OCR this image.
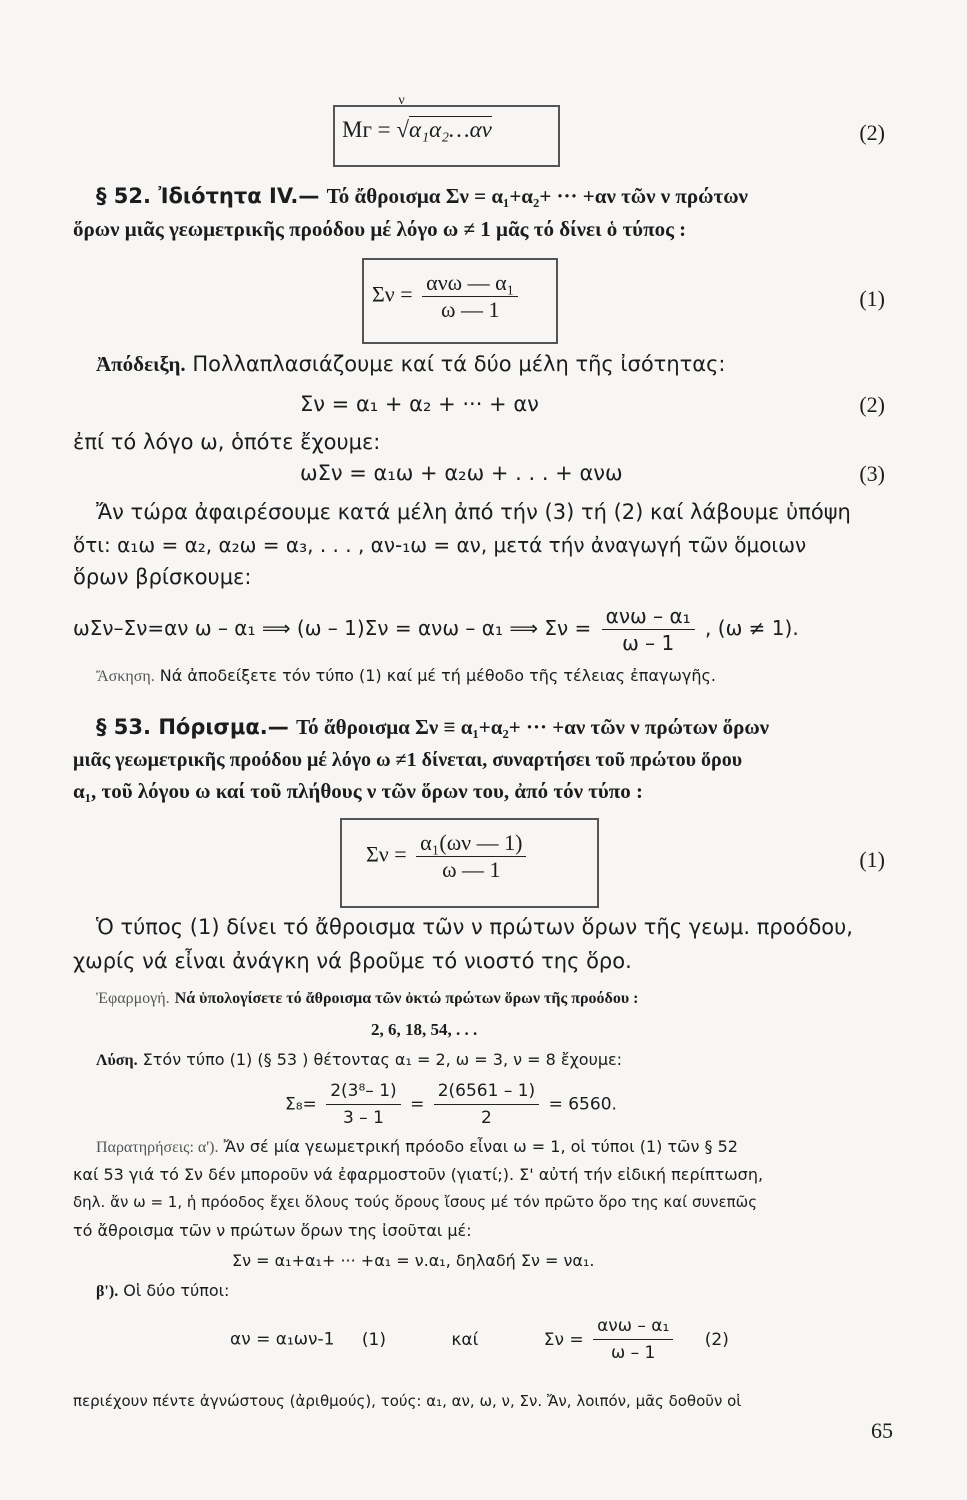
Mг =
ν
√α₁α₂…αν	(2)
§ 52. Ἰδιότητα IV.— Τό ἄθροισμα Σν = α₁+α₂+ ··· +αν τῶν ν πρώτων
ὅρων μιᾶς γεωμετρικῆς προόδου μέ λόγο ω ≠ 1 μᾶς τό δίνει ὁ τύπος :
$\Sigma\nu = \frac{\text{ανω — α₁}}{\omega — 1}$	(1)
Ἀπόδειξη. Πολλαπλασιάζουμε καί τά δύο μέλη τῆς ἰσότητας:
Σν = α₁ + α₂ + ··· + αν	(2)
ἐπί τό λόγο ω, ὁπότε ἔχουμε:
ωΣν = α₁ω + α₂ω + . . . + ανω	(3)
Ἄν τώρα ἀφαιρέσουμε κατά μέλη ἀπό τήν (3) τή (2) καί λάβουμε ὑπόψη
ὅτι: α₁ω = α₂, α₂ω = α₃, . . . , αν-₁ω = αν, μετά τήν ἀναγωγή τῶν ὅμοιων
ὅρων βρίσκουμε:
ωΣν–Σν=αν ω – α₁ ⟹ (ω – 1)Σν = ανω – α₁ ⟹ $\Sigma\nu = \frac{\text{ανω – α₁}}{\omega - 1}$ , (ω ≠ 1).
Ἄσκηση. Νά ἀποδείξετε τόν τύπο (1) καί μέ τή μέθοδο τῆς τέλειας ἐπαγωγῆς.
§ 53. Πόρισμα.— Τό ἄθροισμα Σν ≡ α₁+α₂+ ··· +αν τῶν ν πρώτων ὅρων
μιᾶς γεωμετρικῆς προόδου μέ λόγο ω ≠1 δίνεται, συναρτήσει τοῦ πρώτου ὅρου
α₁, τοῦ λόγου ω καί τοῦ πλήθους ν τῶν ὅρων του, ἀπό τόν τύπο :
$\Sigma\nu = \frac{\text{α₁(ων — 1)}}{\omega — 1}$	(1)
Ὁ τύπος (1) δίνει τό ἄθροισμα τῶν ν πρώτων ὅρων τῆς γεωμ. προόδου,
χωρίς νά εἶναι ἀνάγκη νά βροῦμε τό νιοστό της ὅρο.
Ἐφαρμογή. Νά ὑπολογίσετε τό ἄθροισμα τῶν ὀκτώ πρώτων ὅρων τῆς προόδου :
2, 6, 18, 54, . . .
Λύση. Στόν τύπο (1) (§ 53 ) θέτοντας α₁ = 2, ω = 3, ν = 8 ἔχουμε:
$\Sigma_8= \frac{\text{2(3⁸– 1)}}{3 - 1} = \frac{2(6561 - 1)}{2} = 6560$.
Παρατηρήσεις: α'). Ἄν σέ μία γεωμετρική πρόοδο εἶναι ω = 1, οἱ τύποι (1) τῶν § 52
καί 53 γιά τό Σν δέν μποροῦν νά ἐφαρμοστοῦν (γιατί;). Σ' αὐτή τήν εἰδική περίπτωση,
δηλ. ἄν ω = 1, ἡ πρόοδος ἔχει ὅλους τούς ὅρους ἴσους μέ τόν πρῶτο ὅρο της καί συνεπῶς
τό ἄθροισμα τῶν ν πρώτων ὅρων της ἰσοῦται μέ:
Σν = α₁+α₁+ ··· +α₁ = ν.α₁, δηλαδή Σν = να₁.
β'). Οἱ δύο τύποι:
αν = α₁ων-1 (1)	καί	$\Sigma\nu = \frac{\text{ανω – α₁}}{\omega - 1} (2)$
περιέχουν πέντε ἀγνώστους (ἀριθμούς), τούς: α₁, αν, ω, ν, Σν. Ἄν, λοιπόν, μᾶς δοθοῦν οἱ
65
